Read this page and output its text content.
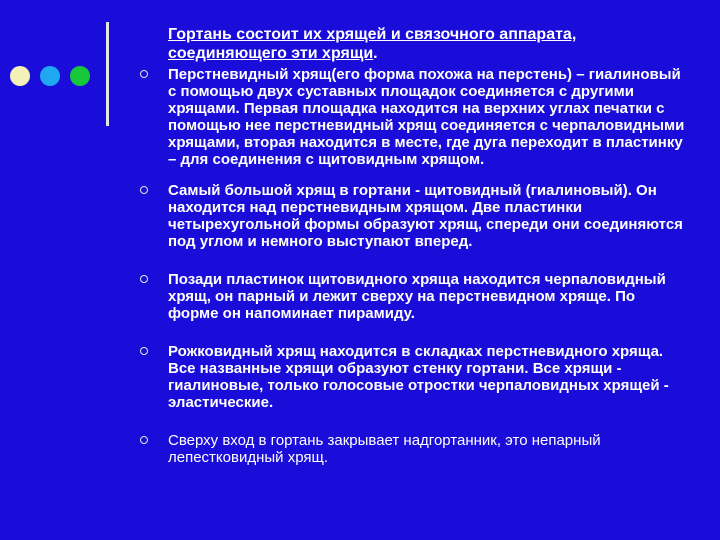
Гортань состоит их хрящей и связочного аппарата, соединяющего эти хрящи.
Перстневидный хрящ(его форма похожа на перстень) – гиалиновый с помощью двух суставных площадок соединяется с другими хрящами. Первая площадка находится на верхних углах печатки с помощью нее перстневидный хрящ соединяется с черпаловидными хрящами, вторая находится в месте, где дуга переходит в пластинку – для соединения с щитовидным хрящом.
Самый большой хрящ в гортани - щитовидный (гиалиновый). Он находится над перстневидным хрящом. Две пластинки четырехугольной формы образуют хрящ, спереди они соединяются под углом и немного выступают вперед.
Позади пластинок щитовидного хряща находится черпаловидный хрящ, он парный и лежит сверху на перстневидном хряще. По форме он напоминает пирамиду.
Рожковидный хрящ находится в складках перстневидного хряща. Все названные хрящи образуют стенку гортани. Все хрящи - гиалиновые, только голосовые отростки черпаловидных хрящей - эластические.
Сверху вход в гортань закрывает надгортанник, это непарный лепестковидный хрящ.
